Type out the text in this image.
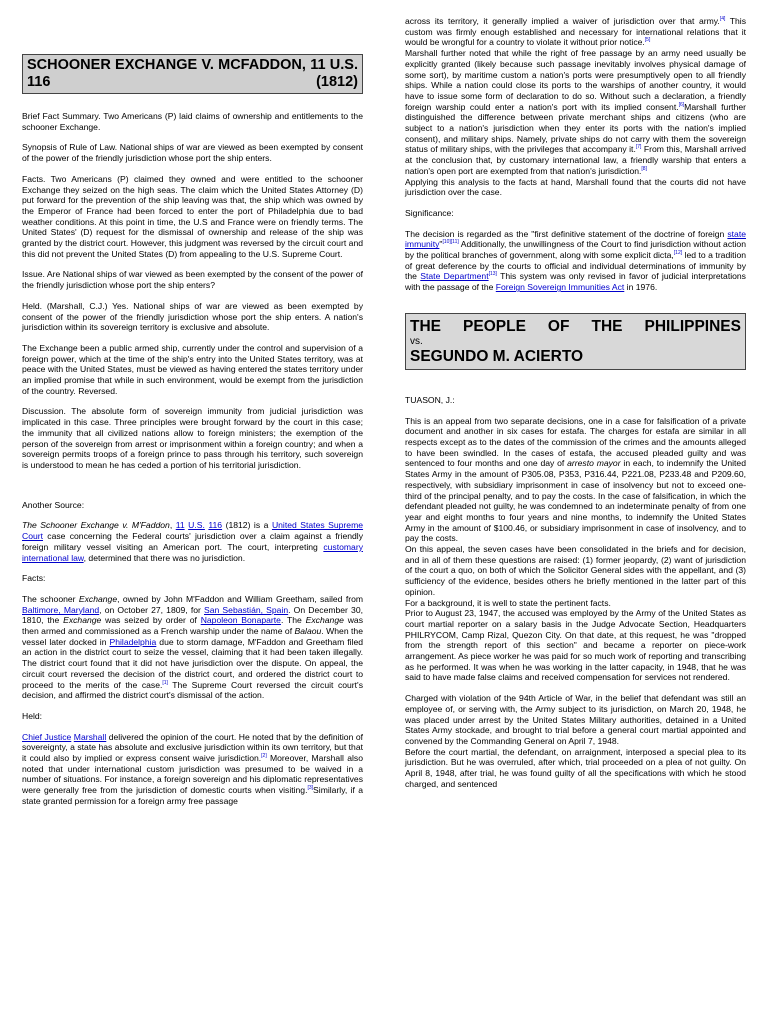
SCHOONER EXCHANGE V. MCFADDON, 11 U.S. 116 (1812)

Brief Fact Summary. Two Americans (P) laid claims of ownership and entitlements to the schooner Exchange.

Synopsis of Rule of Law. National ships of war are viewed as been exempted by consent of the power of the friendly jurisdiction whose port the ship enters.

Facts. Two Americans (P) claimed they owned and were entitled to the schooner Exchange they seized on the high seas. The claim which the United States Attorney (D) put forward for the prevention of the ship leaving was that, the ship which was owned by the Emperor of France had been forced to enter the port of Philadelphia due to bad weather conditions. At this point in time, the U.S and France were on friendly terms. The United States' (D) request for the dismissal of ownership and release of the ship was granted by the district court. However, this judgment was reversed by the circuit court and this did not prevent the United States (D) from appealing to the U.S. Supreme Court.

Issue. Are National ships of war viewed as been exempted by the consent of the power of the friendly jurisdiction whose port the ship enters?

Held. (Marshall, C.J.) Yes. National ships of war are viewed as been exempted by consent of the power of the friendly jurisdiction whose port the ship enters. A nation's jurisdiction within its sovereign territory is exclusive and absolute.

The Exchange been a public armed ship, currently under the control and supervision of a foreign power, which at the time of the ship's entry into the United States territory, was at peace with the United States, must be viewed as having entered the states territory under an implied promise that while in such environment, would be exempt from the jurisdiction of the country. Reversed.

Discussion. The absolute form of sovereign immunity from judicial jurisdiction was implicated in this case. Three principles were brought forward by the court in this case; the immunity that all civilized nations allow to foreign ministers; the exemption of the person of the sovereign from arrest or imprisonment within a foreign country; and when a sovereign permits troops of a foreign prince to pass through his territory, such sovereign is understood to mean he has ceded a portion of his territorial jurisdiction.

Another Source:

The Schooner Exchange v. M'Faddon, 11 U.S. 116 (1812) is a United States Supreme Court case concerning the Federal courts' jurisdiction over a claim against a friendly foreign military vessel visiting an American port. The court, interpreting customary international law, determined that there was no jurisdiction.

Facts:

The schooner Exchange, owned by John M'Faddon and William Greetham, sailed from Baltimore, Maryland, on October 27, 1809, for San Sebastián, Spain. On December 30, 1810, the Exchange was seized by order of Napoleon Bonaparte. The Exchange was then armed and commissioned as a French warship under the name of Balaou. When the vessel later docked in Philadelphia due to storm damage, M'Faddon and Greetham filed an action in the district court to seize the vessel, claiming that it had been taken illegally. The district court found that it did not have jurisdiction over the dispute. On appeal, the circuit court reversed the decision of the district court, and ordered the district court to proceed to the merits of the case.[1] The Supreme Court reversed the circuit court's decision, and affirmed the district court's dismissal of the action.

Held:

Chief Justice Marshall delivered the opinion of the court. He noted that by the definition of sovereignty, a state has absolute and exclusive jurisdiction within its own territory, but that it could also by implied or express consent waive jurisdiction.[2] Moreover, Marshall also noted that under international custom jurisdiction was presumed to be waived in a number of situations. For instance, a foreign sovereign and his diplomatic representatives were generally free from the jurisdiction of domestic courts when visiting.[3]Similarly, if a state granted permission for a foreign army free passage

across its territory, it generally implied a waiver of jurisdiction over that army.[4] This custom was firmly enough established and necessary for international relations that it would be wrongful for a country to violate it without prior notice.[5]

Marshall further noted that while the right of free passage by an army need usually be explicitly granted (likely because such passage inevitably involves physical damage of some sort), by maritime custom a nation's ports were presumptively open to all friendly ships. While a nation could close its ports to the warships of another country, it would have to issue some form of declaration to do so. Without such a declaration, a friendly foreign warship could enter a nation's port with its implied consent.[6]Marshall further distinguished the difference between private merchant ships and citizens (who are subject to a nation's jurisdiction when they enter its ports with the nation's implied consent), and military ships. Namely, private ships do not carry with them the sovereign status of military ships, with the privileges that accompany it.[7] From this, Marshall arrived at the conclusion that, by customary international law, a friendly warship that enters a nation's open port are exempted from that nation's jurisdiction.[8]

Applying this analysis to the facts at hand, Marshall found that the courts did not have jurisdiction over the case.

Significance:

The decision is regarded as the "first definitive statement of the doctrine of foreign state immunity"[10][11] Additionally, the unwillingness of the Court to find jurisdiction without action by the political branches of government, along with some explicit dicta,[12] led to a tradition of great deference by the courts to official and individual determinations of immunity by the State Department[13] This system was only revised in favor of judicial interpretations with the passage of the Foreign Sovereign Immunities Act in 1976.

THE PEOPLE OF THE PHILIPPINES
vs.
SEGUNDO M. ACIERTO

TUASON, J.:

This is an appeal from two separate decisions, one in a case for falsification of a private document and another in six cases for estafa. The charges for estafa are similar in all respects except as to the dates of the commission of the crimes and the amounts alleged to have been swindled. In the cases of estafa, the accused pleaded guilty and was sentenced to four months and one day of arresto mayor in each, to indemnify the United States Army in the amount of P305.08, P353, P316.44, P221.08, P233.48 and P209.60, respectively, with subsidiary imprisonment in case of insolvency but not to exceed one-third of the principal penalty, and to pay the costs. In the case of falsification, in which the defendant pleaded not guilty, he was condemned to an indeterminate penalty of from one year and eight months to four years and nine months, to indemnify the United States Army in the amount of $100.46, or subsidiary imprisonment in case of insolvency, and to pay the costs.

On this appeal, the seven cases have been consolidated in the briefs and for decision, and in all of them these questions are raised: (1) former jeopardy, (2) want of jurisdiction of the court a quo, on both of which the Solicitor General sides with the appellant, and (3) sufficiency of the evidence, besides others he briefly mentioned in the latter part of this opinion.

For a background, it is well to state the pertinent facts.

Prior to August 23, 1947, the accused was employed by the Army of the United States as court martial reporter on a salary basis in the Judge Advocate Section, Headquarters PHILRYCOM, Camp Rizal, Quezon City. On that date, at this request, he was "dropped from the strength report of this section" and became a reporter on piece-work arrangement. As piece worker he was paid for so much work of reporting and transcribing as he performed. It was when he was working in the latter capacity, in 1948, that he was said to have made false claims and received compensation for services not rendered.

Charged with violation of the 94th Article of War, in the belief that defendant was still an employee of, or serving with, the Army subject to its jurisdiction, on March 20, 1948, he was placed under arrest by the United States Military authorities, detained in a United States Army stockade, and brought to trial before a general court martial appointed and convened by the Commanding General on April 7, 1948.

Before the court martial, the defendant, on arraignment, interposed a special plea to its jurisdiction. But he was overruled, after which, trial proceeded on a plea of not guilty. On April 8, 1948, after trial, he was found guilty of all the specifications with which he stood charged, and sentenced
